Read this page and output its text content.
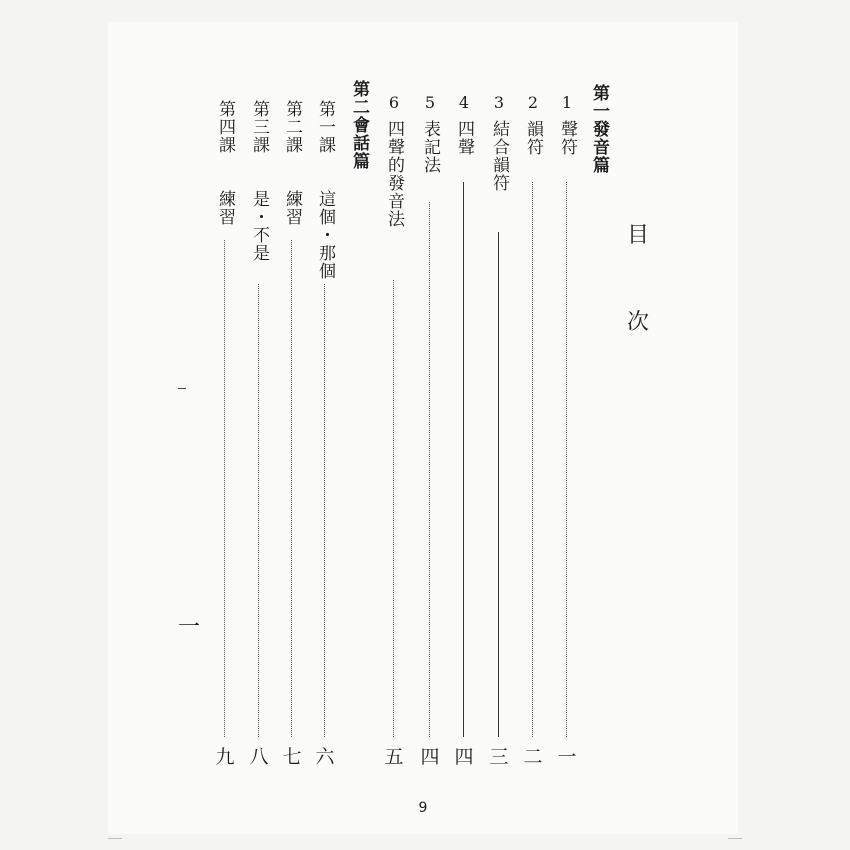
目
次
第一發音篇
1
聲符
一
2
韻符
二
3
結合韻符
三
4
四聲
四
5
表記法
四
6
四聲的發音法
五
第二會話篇
第一課
這個・那個
六
第二課
練習
七
第三課
是・不是
八
第四課
練習
九
一
9
